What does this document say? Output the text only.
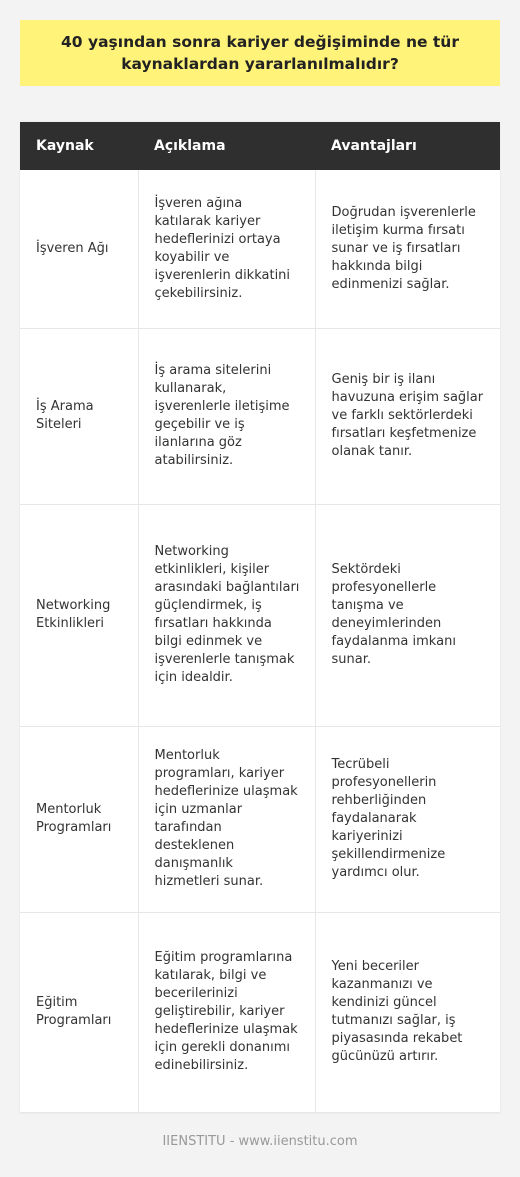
40 yaşından sonra kariyer değişiminde ne tür kaynaklardan yararlanılmalıdır?
Kaynak	Açıklama	Avantajları
İşveren Ağı	İşveren ağına katılarak kariyer hedeflerinizi ortaya koyabilir ve işverenlerin dikkatini çekebilirsiniz.	Doğrudan işverenlerle iletişim kurma fırsatı sunar ve iş fırsatları hakkında bilgi edinmenizi sağlar.
İş Arama Siteleri	İş arama sitelerini kullanarak, işverenlerle iletişime geçebilir ve iş ilanlarına göz atabilirsiniz.	Geniş bir iş ilanı havuzuna erişim sağlar ve farklı sektörlerdeki fırsatları keşfetmenize olanak tanır.
Networking Etkinlikleri	Networking etkinlikleri, kişiler arasındaki bağlantıları güçlendirmek, iş fırsatları hakkında bilgi edinmek ve işverenlerle tanışmak için idealdir.	Sektördeki profesyonellerle tanışma ve deneyimlerinden faydalanma imkanı sunar.
Mentorluk Programları	Mentorluk programları, kariyer hedeflerinize ulaşmak için uzmanlar tarafından desteklenen danışmanlık hizmetleri sunar.	Tecrübeli profesyonellerin rehberliğinden faydalanarak kariyerinizi şekillendirmenize yardımcı olur.
Eğitim Programları	Eğitim programlarına katılarak, bilgi ve becerilerinizi geliştirebilir, kariyer hedeflerinize ulaşmak için gerekli donanımı edinebilirsiniz.	Yeni beceriler kazanmanızı ve kendinizi güncel tutmanızı sağlar, iş piyasasında rekabet gücünüzü artırır.
IIENSTITU - www.iienstitu.com
